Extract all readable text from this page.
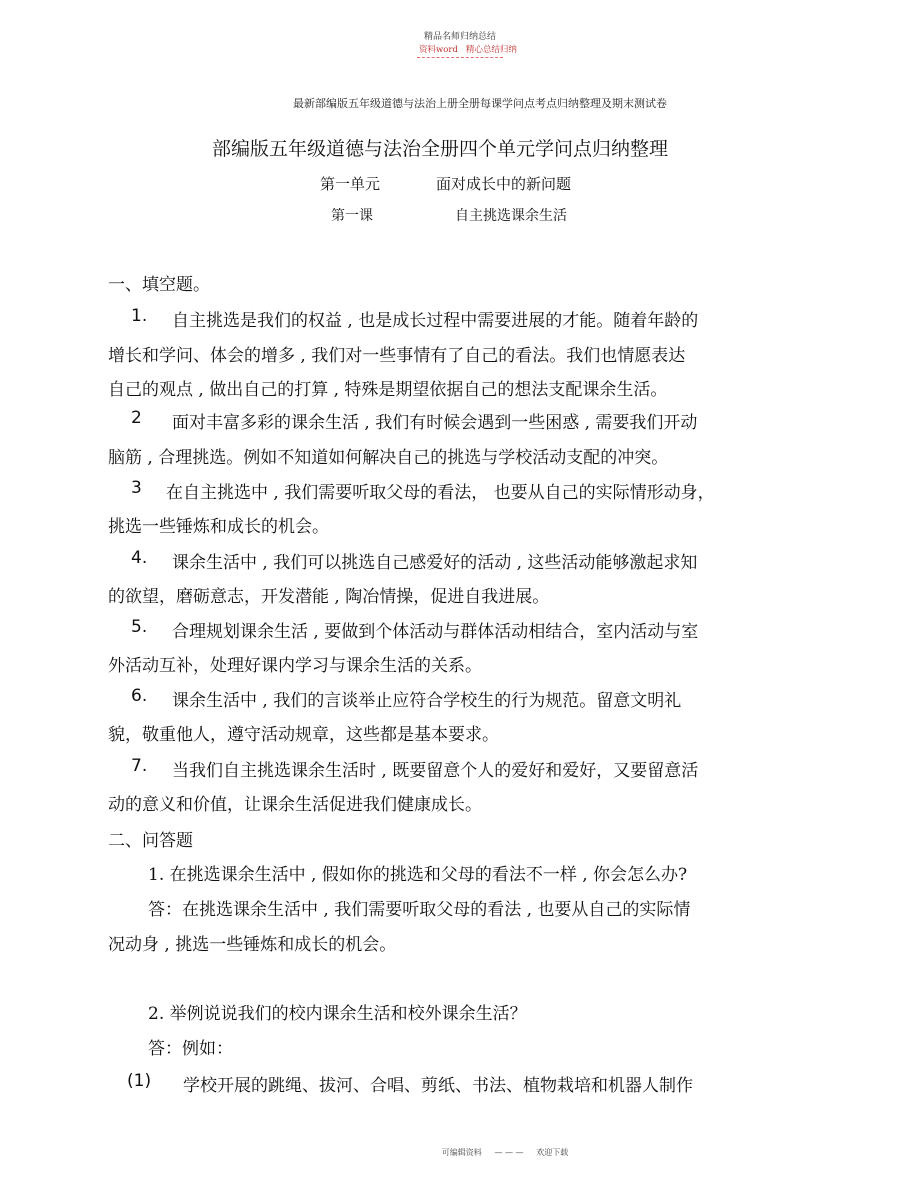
精品名师归纳总结
资料word 精心总结归纳
最新部编版五年级道德与法治上册全册每课学问点考点归纳整理及期末测试卷
部编版五年级道德与法治全册四个单元学问点归纳整理
第一单元	面对成长中的新问题
第一课	自主挑选课余生活
一、填空题。
1. 自主挑选是我们的权益 , 也是成长过程中需要进展的才能。随着年龄的
增长和学问、体会的增多 , 我们对一些事情有了自己的看法。我们也情愿表达
自己的观点 , 做出自己的打算 , 特殊是期望依据自己的想法支配课余生活。
2 面对丰富多彩的课余生活 , 我们有时候会遇到一些困惑 , 需要我们开动
脑筋 , 合理挑选。例如不知道如何解决自己的挑选与学校活动支配的冲突。
3 在自主挑选中 , 我们需要听取父母的看法， 也要从自己的实际情形动身，
挑选一些锤炼和成长的机会。
4. 课余生活中 , 我们可以挑选自己感爱好的活动 , 这些活动能够激起求知
的欲望，磨砺意志，开发潜能 , 陶冶情操，促进自我进展。
5. 合理规划课余生活 , 要做到个体活动与群体活动相结合，室内活动与室
外活动互补，处理好课内学习与课余生活的关系。
6. 课余生活中 , 我们的言谈举止应符合学校生的行为规范。留意文明礼
貌，敬重他人，遵守活动规章，这些都是基本要求。
7. 当我们自主挑选课余生活时 , 既要留意个人的爱好和爱好，又要留意活
动的意义和价值，让课余生活促进我们健康成长。
二、问答题
1. 在挑选课余生活中 , 假如你的挑选和父母的看法不一样 , 你会怎么办?
答：在挑选课余生活中 , 我们需要听取父母的看法 , 也要从自己的实际情
况动身 , 挑选一些锤炼和成长的机会。
2. 举例说说我们的校内课余生活和校外课余生活？
答：例如：
(1) 学校开展的跳绳、拔河、合唱、剪纸、书法、植物栽培和机器人制作
可编辑资料 — — — 欢迎下载
